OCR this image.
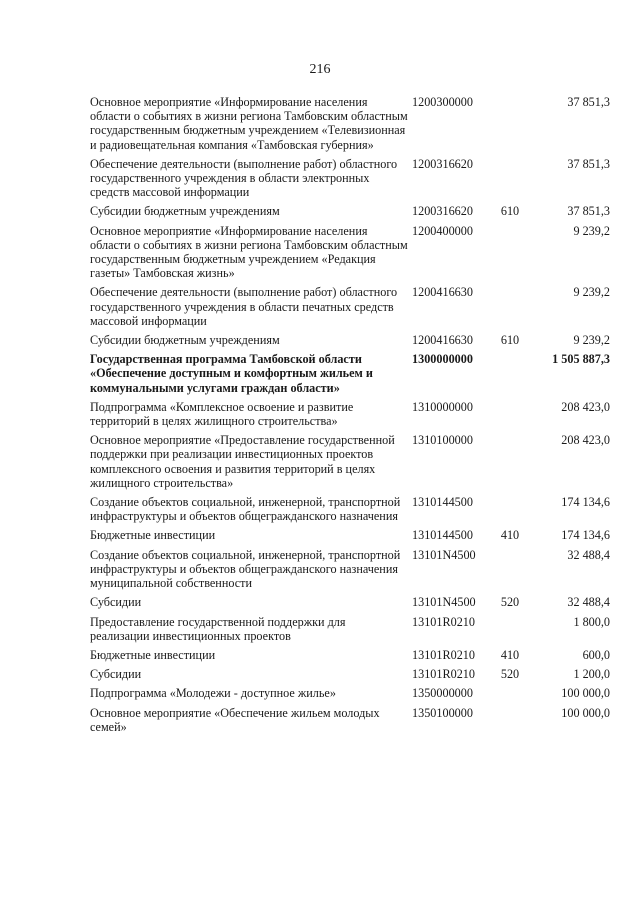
216
Основное мероприятие «Информирование населения области о событиях в жизни региона Тамбовским областным государственным бюджетным учреждением «Телевизионная и радиовещательная компания «Тамбовская губерния»	1200300000		37 851,3
Обеспечение деятельности (выполнение работ) областного государственного учреждения в области электронных средств массовой информации	1200316620		37 851,3
Субсидии бюджетным учреждениям	1200316620	610	37 851,3
Основное мероприятие «Информирование населения области о событиях в жизни региона Тамбовским областным государственным бюджетным учреждением «Редакция газеты» Тамбовская жизнь»	1200400000		9 239,2
Обеспечение деятельности (выполнение работ) областного государственного учреждения в области печатных средств массовой информации	1200416630		9 239,2
Субсидии бюджетным учреждениям	1200416630	610	9 239,2
Государственная программа Тамбовской области «Обеспечение доступным и комфортным жильем и коммунальными услугами граждан области»	1300000000		1 505 887,3
Подпрограмма «Комплексное освоение и развитие территорий в целях жилищного строительства»	1310000000		208 423,0
Основное мероприятие «Предоставление государственной поддержки при реализации инвестиционных проектов комплексного освоения и развития территорий в целях жилищного строительства»	1310100000		208 423,0
Создание объектов социальной, инженерной, транспортной инфраструктуры и объектов общегражданского назначения	1310144500		174 134,6
Бюджетные инвестиции	1310144500	410	174 134,6
Создание объектов социальной, инженерной, транспортной инфраструктуры и объектов общегражданского назначения муниципальной собственности	13101N4500		32 488,4
Субсидии	13101N4500	520	32 488,4
Предоставление государственной поддержки для реализации инвестиционных проектов	13101R0210		1 800,0
Бюджетные инвестиции	13101R0210	410	600,0
Субсидии	13101R0210	520	1 200,0
Подпрограмма «Молодежи - доступное жилье»	1350000000		100 000,0
Основное мероприятие «Обеспечение жильем молодых семей»	1350100000		100 000,0
